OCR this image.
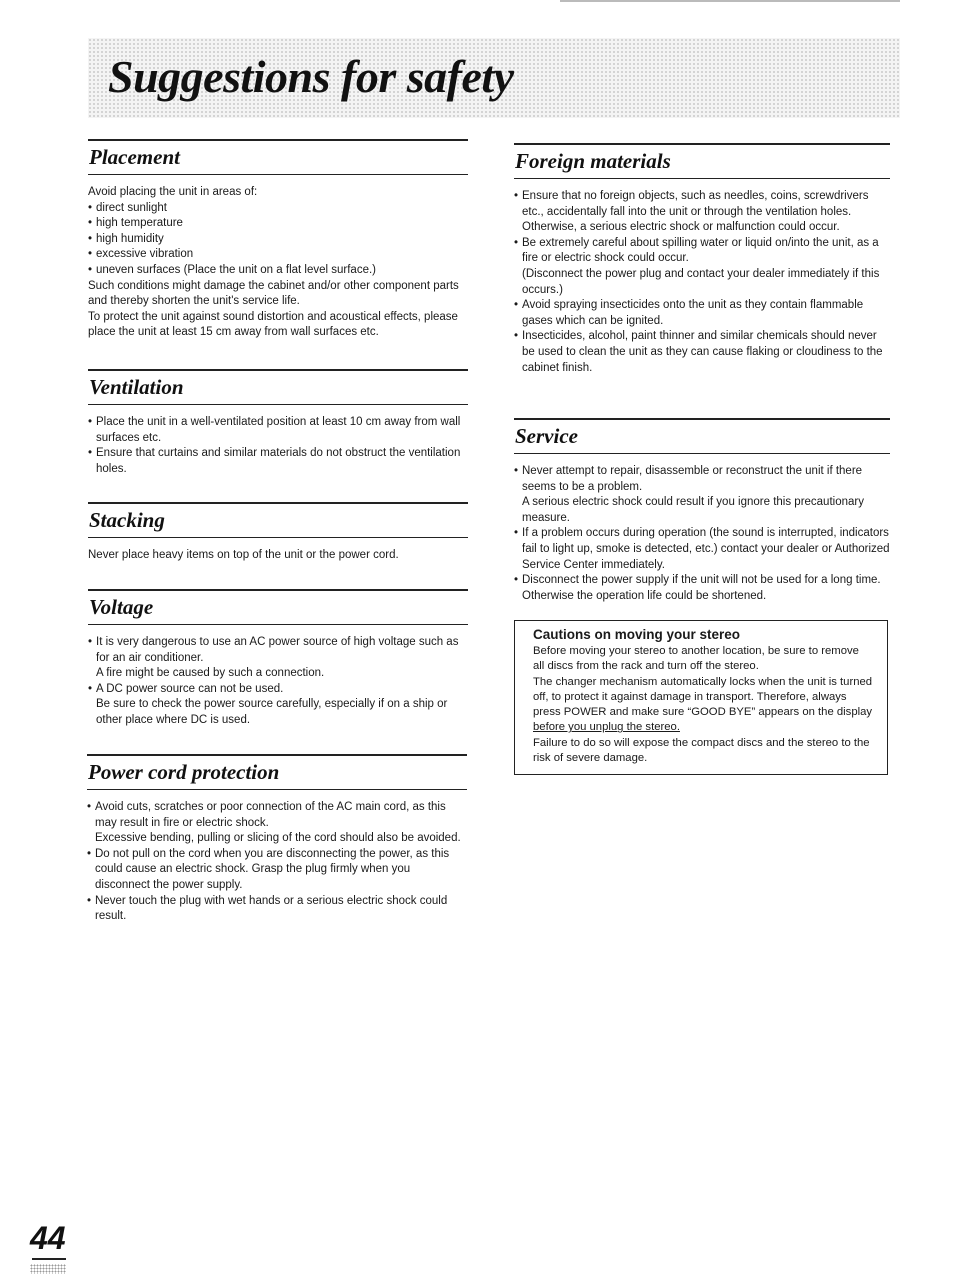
Suggestions for safety
Placement

Avoid placing the unit in areas of:

• direct sunlight

• high temperature

• high humidity

• excessive vibration

• uneven surfaces (Place the unit on a flat level surface.)

Such conditions might damage the cabinet and/or other component parts and thereby shorten the unit's service life.

To protect the unit against sound distortion and acoustical effects, please place the unit at least 15 cm away from wall surfaces etc.

Ventilation

• Place the unit in a well-ventilated position at least 10 cm away from wall surfaces etc.

• Ensure that curtains and similar materials do not obstruct the ventilation holes.

Stacking

Never place heavy items on top of the unit or the power cord.

Voltage

• It is very dangerous to use an AC power source of high voltage such as for an air conditioner.

A fire might be caused by such a connection.

• A DC power source can not be used.

Be sure to check the power source carefully, especially if on a ship or other place where DC is used.

Power cord protection

• Avoid cuts, scratches or poor connection of the AC main cord, as this may result in fire or electric shock.

Excessive bending, pulling or slicing of the cord should also be avoided.

• Do not pull on the cord when you are disconnecting the power, as this could cause an electric shock. Grasp the plug firmly when you disconnect the power supply.

• Never touch the plug with wet hands or a serious electric shock could result.

Foreign materials

• Ensure that no foreign objects, such as needles, coins, screwdrivers etc., accidentally fall into the unit or through the ventilation holes.

Otherwise, a serious electric shock or malfunction could occur.

• Be extremely careful about spilling water or liquid on/into the unit, as a fire or electric shock could occur.

(Disconnect the power plug and contact your dealer immediately if this occurs.)

• Avoid spraying insecticides onto the unit as they contain flammable gases which can be ignited.

• Insecticides, alcohol, paint thinner and similar chemicals should never be used to clean the unit as they can cause flaking or cloudiness to the cabinet finish.

Service

• Never attempt to repair, disassemble or reconstruct the unit if there seems to be a problem.

A serious electric shock could result if you ignore this precautionary measure.

• If a problem occurs during operation (the sound is interrupted, indicators fail to light up, smoke is detected, etc.) contact your dealer or Authorized Service Center immediately.

• Disconnect the power supply if the unit will not be used for a long time. Otherwise the operation life could be shortened.

Cautions on moving your stereo

Before moving your stereo to another location, be sure to remove all discs from the rack and turn off the stereo.

The changer mechanism automatically locks when the unit is turned off, to protect it against damage in transport. Therefore, always press POWER and make sure “GOOD BYE” appears on the display before you unplug the stereo.

Failure to do so will expose the compact discs and the stereo to the risk of severe damage.

44
